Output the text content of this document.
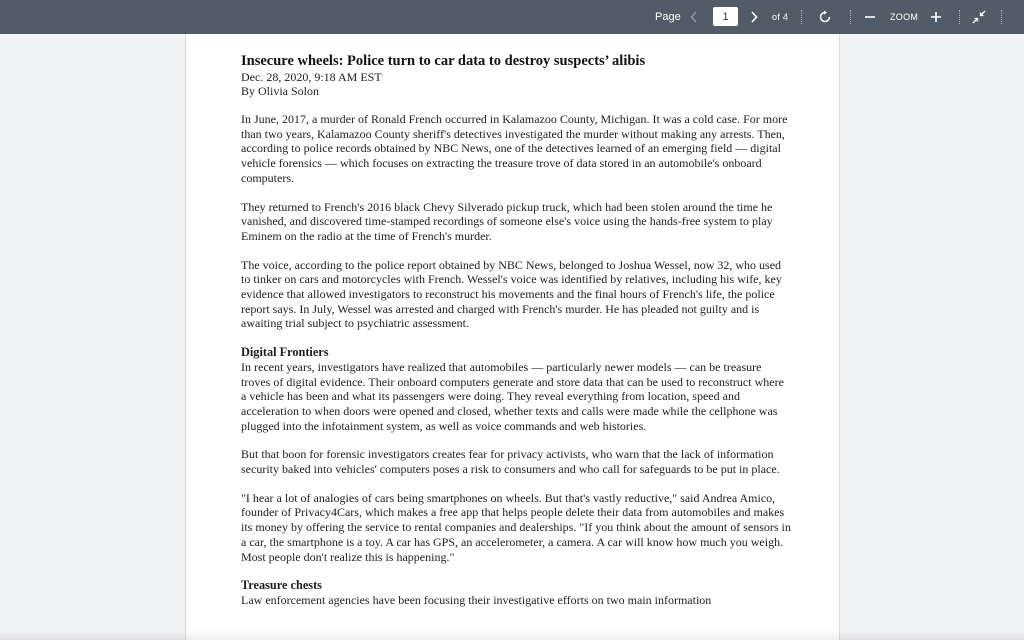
Page
1	of 4	ZOOM
Insecure wheels: Police turn to car data to destroy suspects’ alibis
Dec. 28, 2020, 9:18 AM EST
By Olivia Solon
In June, 2017, a murder of Ronald French occurred in Kalamazoo County, Michigan. It was a cold case. For more than two years, Kalamazoo County sheriff's detectives investigated the murder without making any arrests. Then, according to police records obtained by NBC News, one of the detectives learned of an emerging field — digital vehicle forensics — which focuses on extracting the treasure trove of data stored in an automobile's onboard computers.
They returned to French's 2016 black Chevy Silverado pickup truck, which had been stolen around the time he vanished, and discovered time-stamped recordings of someone else's voice using the hands-free system to play Eminem on the radio at the time of French's murder.
The voice, according to the police report obtained by NBC News, belonged to Joshua Wessel, now 32, who used to tinker on cars and motorcycles with French. Wessel's voice was identified by relatives, including his wife, key evidence that allowed investigators to reconstruct his movements and the final hours of French's life, the police report says. In July, Wessel was arrested and charged with French's murder. He has pleaded not guilty and is awaiting trial subject to psychiatric assessment.
Digital Frontiers
In recent years, investigators have realized that automobiles — particularly newer models — can be treasure troves of digital evidence. Their onboard computers generate and store data that can be used to reconstruct where a vehicle has been and what its passengers were doing. They reveal everything from location, speed and acceleration to when doors were opened and closed, whether texts and calls were made while the cellphone was plugged into the infotainment system, as well as voice commands and web histories.
But that boon for forensic investigators creates fear for privacy activists, who warn that the lack of information security baked into vehicles' computers poses a risk to consumers and who call for safeguards to be put in place.
"I hear a lot of analogies of cars being smartphones on wheels. But that's vastly reductive," said Andrea Amico, founder of Privacy4Cars, which makes a free app that helps people delete their data from automobiles and makes its money by offering the service to rental companies and dealerships. "If you think about the amount of sensors in a car, the smartphone is a toy. A car has GPS, an accelerometer, a camera. A car will know how much you weigh. Most people don't realize this is happening."
Treasure chests
Law enforcement agencies have been focusing their investigative efforts on two main information
